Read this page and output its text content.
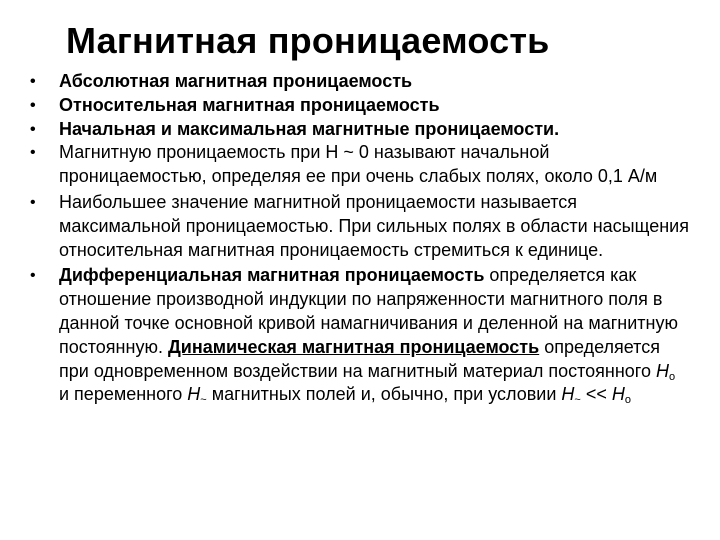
Магнитная проницаемость
• Абсолютная магнитная проницаемость
• Относительная магнитная проницаемость
• Начальная и максимальная магнитные проницаемости.
• Магнитную проницаемость при Н ~ 0 называют начальной проницаемостью, определяя ее при очень слабых полях, около 0,1 А/м
• Наибольшее значение магнитной проницаемости называется максимальной проницаемостью. При сильных полях в области насыщения относительная магнитная проницаемость стремиться к единице.
• Дифференциальная магнитная проницаемость определяется как отношение производной индукции по напряженности магнитного поля в данной точке основной кривой намагничивания и деленной на магнитную постоянную. Динамическая магнитная проницаемость определяется при одновременном воздействии на магнитный материал постоянного $H_o$ и переменного $H_\sim$ магнитных полей и, обычно, при условии $H_\sim << H_o$
